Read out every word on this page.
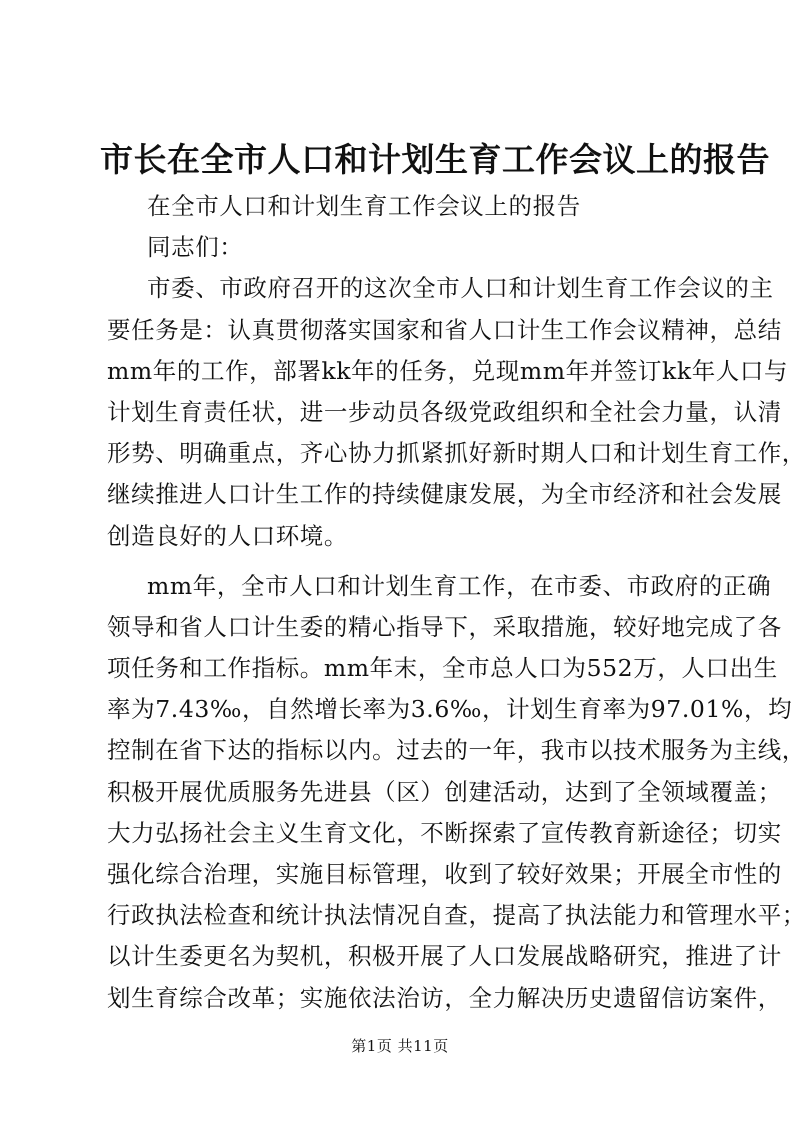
市长在全市人口和计划生育工作会议上的报告
在全市人口和计划生育工作会议上的报告
同志们：
市委、市政府召开的这次全市人口和计划生育工作会议的主
要任务是：认真贯彻落实国家和省人口计生工作会议精神，总结
mm年的工作，部署kk年的任务，兑现mm年并签订kk年人口与
计划生育责任状，进一步动员各级党政组织和全社会力量，认清
形势、明确重点，齐心协力抓紧抓好新时期人口和计划生育工作，
继续推进人口计生工作的持续健康发展，为全市经济和社会发展
创造良好的人口环境。
mm年，全市人口和计划生育工作，在市委、市政府的正确
领导和省人口计生委的精心指导下，采取措施，较好地完成了各
项任务和工作指标。mm年末，全市总人口为552万，人口出生
率为7.43‰，自然增长率为3.6‰，计划生育率为97.01%，均
控制在省下达的指标以内。过去的一年，我市以技术服务为主线，
积极开展优质服务先进县（区）创建活动，达到了全领域覆盖；
大力弘扬社会主义生育文化，不断探索了宣传教育新途径；切实
强化综合治理，实施目标管理，收到了较好效果；开展全市性的
行政执法检查和统计执法情况自查，提高了执法能力和管理水平；
以计生委更名为契机，积极开展了人口发展战略研究，推进了计
划生育综合改革；实施依法治访，全力解决历史遗留信访案件，
第1页 共11页
